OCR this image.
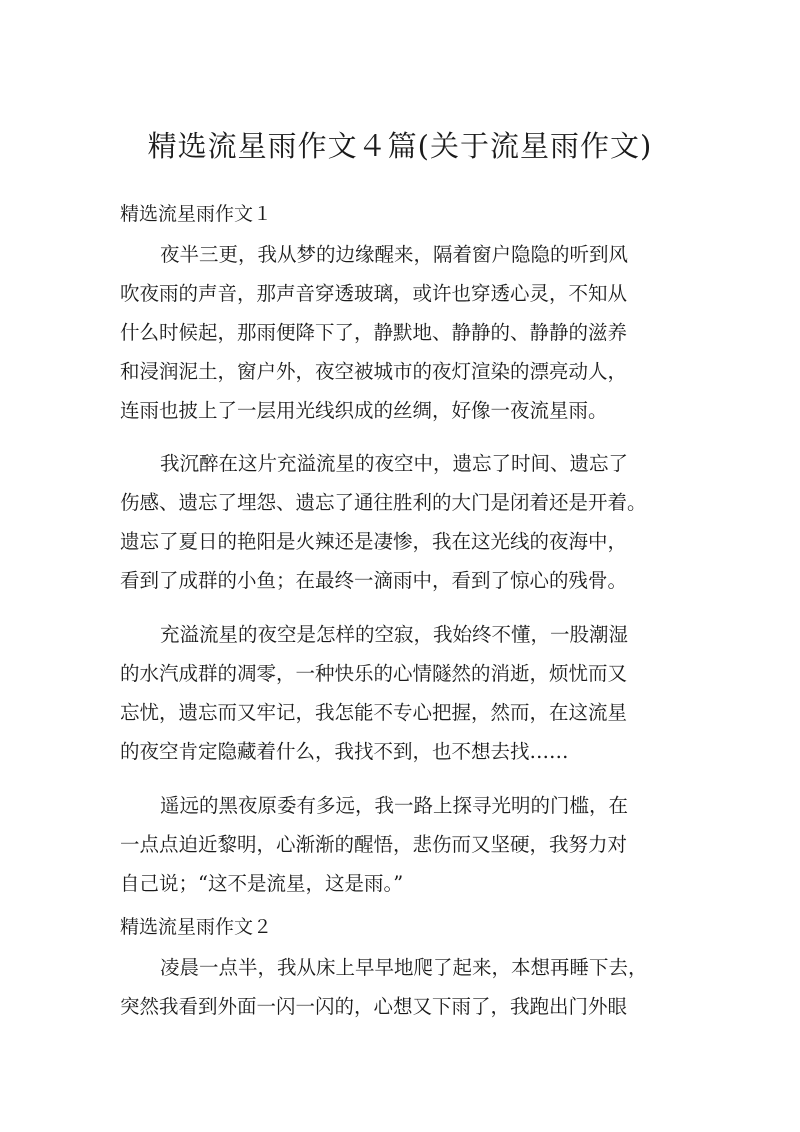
精选流星雨作文４篇(关于流星雨作文)
精选流星雨作文１
夜半三更，我从梦的边缘醒来，隔着窗户隐隐的听到风
吹夜雨的声音，那声音穿透玻璃，或许也穿透心灵，不知从
什么时候起，那雨便降下了，静默地、静静的、静静的滋养
和浸润泥土，窗户外，夜空被城市的夜灯渲染的漂亮动人，
连雨也披上了一层用光线织成的丝绸，好像一夜流星雨。
我沉醉在这片充溢流星的夜空中，遗忘了时间、遗忘了
伤感、遗忘了埋怨、遗忘了通往胜利的大门是闭着还是开着。
遗忘了夏日的艳阳是火辣还是凄惨，我在这光线的夜海中，
看到了成群的小鱼；在最终一滴雨中，看到了惊心的残骨。
充溢流星的夜空是怎样的空寂，我始终不懂，一股潮湿
的水汽成群的凋零，一种快乐的心情隧然的消逝，烦忧而又
忘忧，遗忘而又牢记，我怎能不专心把握，然而，在这流星
的夜空肯定隐藏着什么，我找不到，也不想去找……
遥远的黑夜原委有多远，我一路上探寻光明的门槛，在
一点点迫近黎明，心渐渐的醒悟，悲伤而又坚硬，我努力对
自己说；“这不是流星，这是雨。”
精选流星雨作文２
凌晨一点半，我从床上早早地爬了起来，本想再睡下去，
突然我看到外面一闪一闪的，心想又下雨了，我跑出门外眼
